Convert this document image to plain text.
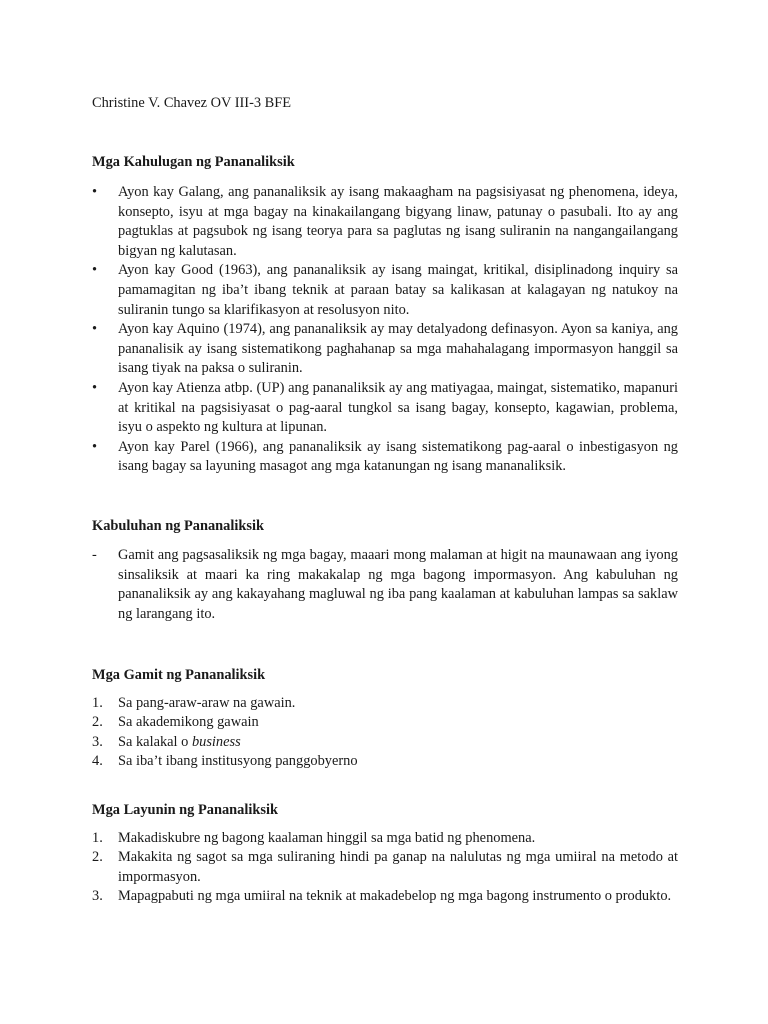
Christine V. Chavez OV III-3 BFE
Mga Kahulugan ng Pananaliksik
•	Ayon kay Galang, ang pananaliksik ay isang makaagham na pagsisiyasat ng phenomena, ideya, konsepto, isyu at mga bagay na kinakailangang bigyang linaw, patunay o pasubali. Ito ay ang pagtuklas at pagsubok ng isang teorya para sa paglutas ng isang suliranin na nangangailangang bigyan ng kalutasan.
•	Ayon kay Good (1963), ang pananaliksik ay isang maingat, kritikal, disiplinadong inquiry sa pamamagitan ng iba’t ibang teknik at paraan batay sa kalikasan at kalagayan ng natukoy na suliranin tungo sa klarifikasyon at resolusyon nito.
•	Ayon kay Aquino (1974), ang pananaliksik ay may detalyadong definasyon. Ayon sa kaniya, ang pananalisik ay isang sistematikong paghahanap sa mga mahahalagang impormasyon hanggil sa isang tiyak na paksa o suliranin.
•	Ayon kay Atienza atbp. (UP) ang pananaliksik ay ang matiyagaa, maingat, sistematiko, mapanuri at kritikal na pagsisiyasat o pag-aaral tungkol sa isang bagay, konsepto, kagawian, problema, isyu o aspekto ng kultura at lipunan.
•	Ayon kay Parel (1966), ang pananaliksik ay isang sistematikong pag-aaral o inbestigasyon ng isang bagay sa layuning masagot ang mga katanungan ng isang mananaliksik.
Kabuluhan ng Pananaliksik
-	Gamit ang pagsasaliksik ng mga bagay, maaari mong malaman at higit na maunawaan ang iyong sinsaliksik at maari ka ring makakalap ng mga bagong impormasyon. Ang kabuluhan ng pananaliksik ay ang kakayahang magluwal ng iba pang kaalaman at kabuluhan lampas sa saklaw ng larangang ito.
Mga Gamit ng Pananaliksik
1.	Sa pang-araw-araw na gawain.
2.	Sa akademikong gawain
3.	Sa kalakal o business
4.	Sa iba’t ibang institusyong panggobyerno
Mga Layunin ng Pananaliksik
1.	Makadiskubre ng bagong kaalaman hinggil sa mga batid ng phenomena.
2.	Makakita ng sagot sa mga suliraning hindi pa ganap na nalulutas ng mga umiiral na metodo at impormasyon.
3.	Mapagpabuti ng mga umiiral na teknik at makadebelop ng mga bagong instrumento o produkto.
